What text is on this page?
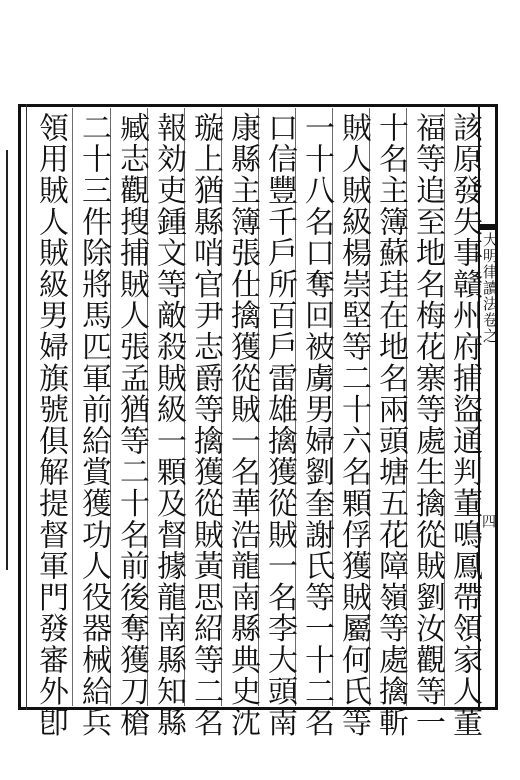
大明律讀法卷之
四
該原發失事贛州府捕盜通判董鳴鳳帶領家人董
福等追至地名梅花寨等處生擒從賊劉汝觀等一
十名主簿蘇珪在地名兩頭塘五花障嶺等處擒斬
賊人賊級楊崇堅等二十六名顆俘獲賊屬何氏等
一十八名口奪回被虜男婦劉奎謝氏等一十二名
口信豐千戶所百戶雷雄擒獲從賊一名李大頭南
康縣主簿張仕擒獲從賊一名華浩龍南縣典史沈
璇上猶縣哨官尹志爵等擒獲從賊黃思紹等二名
報効吏鍾文等敵殺賊級一顆及督據龍南縣知縣
臧志觀搜捕賊人張孟猶等二十名前後奪獲刀槍
二十三件除將馬匹軍前給賞獲功人役器械給兵
領用賊人賊級男婦旗號俱解提督軍門發審外卽
